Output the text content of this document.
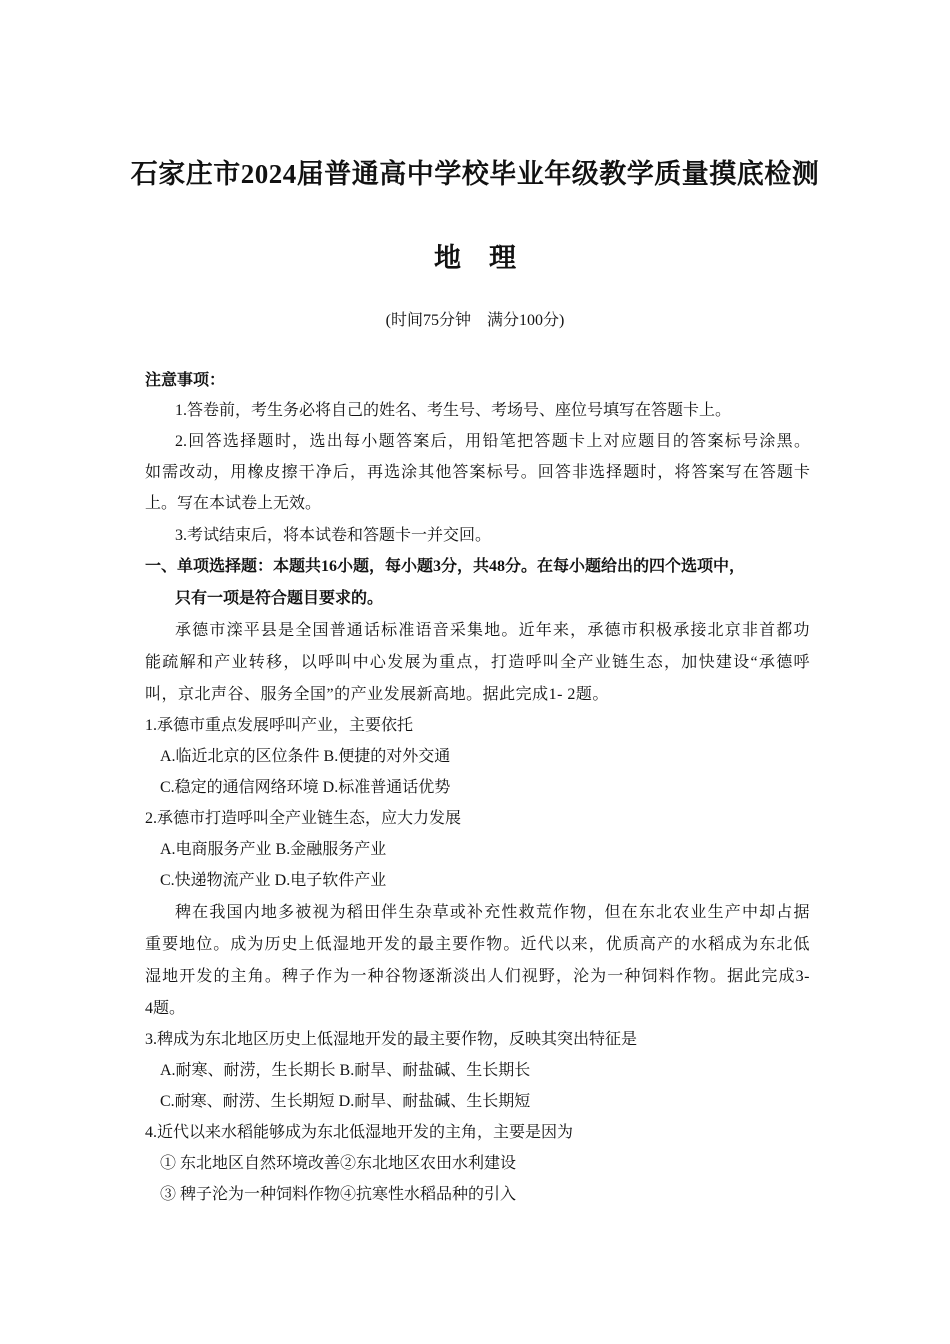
石家庄市2024届普通高中学校毕业年级教学质量摸底检测
地 理
(时间75分钟　满分100分)
注意事项：
1.答卷前，考生务必将自己的姓名、考生号、考场号、座位号填写在答题卡上。
2.回答选择题时，选出每小题答案后，用铅笔把答题卡上对应题目的答案标号涂黑。
如需改动，用橡皮擦干净后，再选涂其他答案标号。回答非选择题时，将答案写在答题卡
上。写在本试卷上无效。
3.考试结束后，将本试卷和答题卡一并交回。
一、单项选择题：本题共16小题，每小题3分，共48分。在每小题给出的四个选项中，
只有一项是符合题目要求的。
承德市滦平县是全国普通话标准语音采集地。近年来，承德市积极承接北京非首都功
能疏解和产业转移，以呼叫中心发展为重点，打造呼叫全产业链生态，加快建设“承德呼
叫，京北声谷、服务全国”的产业发展新高地。据此完成1- 2题。
1.承德市重点发展呼叫产业，主要依托
A.临近北京的区位条件 B.便捷的对外交通
C.稳定的通信网络环境 D.标准普通话优势
2.承德市打造呼叫全产业链生态，应大力发展
A.电商服务产业 B.金融服务产业
C.快递物流产业 D.电子软件产业
稗在我国内地多被视为稻田伴生杂草或补充性救荒作物，但在东北农业生产中却占据
重要地位。成为历史上低湿地开发的最主要作物。近代以来，优质高产的水稻成为东北低
湿地开发的主角。稗子作为一种谷物逐渐淡出人们视野，沦为一种饲料作物。据此完成3-
4题。
3.稗成为东北地区历史上低湿地开发的最主要作物，反映其突出特征是
A.耐寒、耐涝，生长期长 B.耐旱、耐盐碱、生长期长
C.耐寒、耐涝、生长期短 D.耐旱、耐盐碱、生长期短
4.近代以来水稻能够成为东北低湿地开发的主角，主要是因为
① 东北地区自然环境改善②东北地区农田水利建设
③ 稗子沦为一种饲料作物④抗寒性水稻品种的引入
